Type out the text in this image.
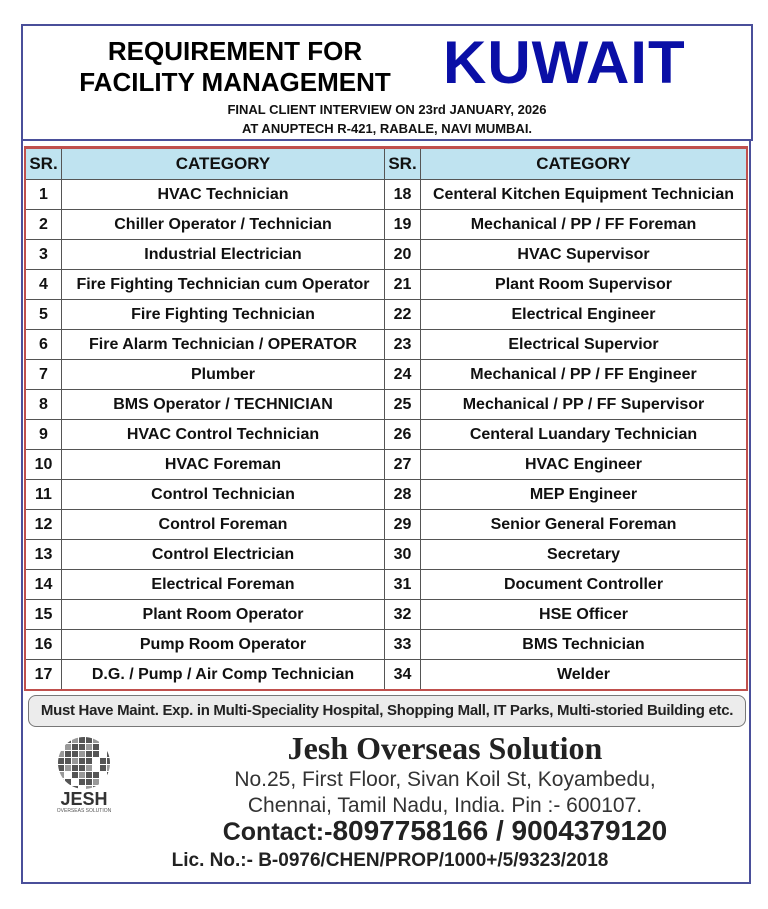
REQUIREMENT FOR
FACILITY MANAGEMENT KUWAIT
FINAL CLIENT INTERVIEW ON 23rd JANUARY, 2026
AT ANUPTECH R-421, RABALE, NAVI MUMBAI.
SR.	CATEGORY	SR.	CATEGORY
1	HVAC Technician	18	Centeral Kitchen Equipment Technician
2	Chiller Operator / Technician	19	Mechanical / PP / FF Foreman
3	Industrial Electrician	20	HVAC Supervisor
4	Fire Fighting Technician cum Operator	21	Plant Room Supervisor
5	Fire Fighting Technician	22	Electrical Engineer
6	Fire Alarm Technician / OPERATOR	23	Electrical Supervior
7	Plumber	24	Mechanical / PP / FF Engineer
8	BMS Operator / TECHNICIAN	25	Mechanical / PP / FF Supervisor
9	HVAC Control Technician	26	Centeral Luandary Technician
10	HVAC Foreman	27	HVAC Engineer
11	Control Technician	28	MEP Engineer
12	Control Foreman	29	Senior General Foreman
13	Control Electrician	30	Secretary
14	Electrical Foreman	31	Document Controller
15	Plant Room Operator	32	HSE Officer
16	Pump Room Operator	33	BMS Technician
17	D.G. / Pump / Air Comp Technician	34	Welder
Must Have Maint. Exp. in Multi-Speciality Hospital, Shopping Mall, IT Parks, Multi-storied Building etc.
JESH
OVERSEAS SOLUTION
Jesh Overseas Solution
No.25, First Floor, Sivan Koil St, Koyambedu,
Chennai, Tamil Nadu, India. Pin :- 600107.
Contact:-8097758166 / 9004379120
Lic. No.:- B-0976/CHEN/PROP/1000+/5/9323/2018
